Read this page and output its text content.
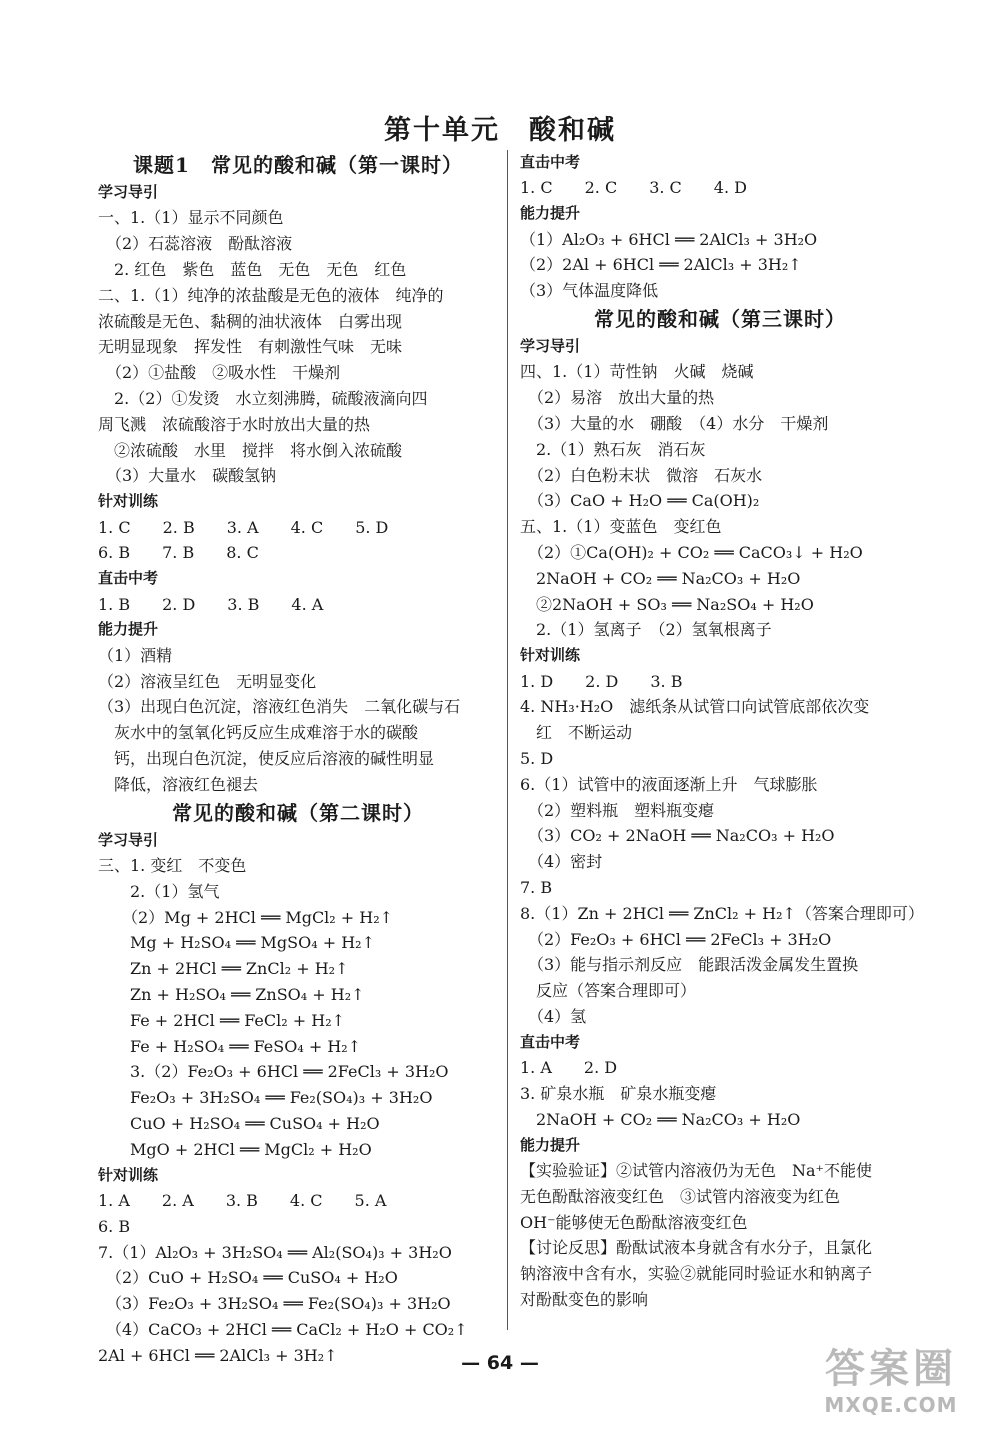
第十单元　酸和碱
课题1　常见的酸和碱（第一课时）
学习导引
一、1.（1）显示不同颜色
　（2）石蕊溶液　酚酞溶液
　2. 红色　紫色　蓝色　无色　无色　红色
二、1.（1）纯净的浓盐酸是无色的液体　纯净的
浓硫酸是无色、黏稠的油状液体　白雾出现
无明显现象　挥发性　有刺激性气味　无味
　（2）①盐酸　②吸水性　干燥剂
　2.（2）①发烫　水立刻沸腾，硫酸液滴向四
周飞溅　浓硫酸溶于水时放出大量的热
　②浓硫酸　水里　搅拌　将水倒入浓硫酸
　（3）大量水　碳酸氢钠
针对训练
1. C　　2. B　　3. A　　4. C　　5. D
6. B　　7. B　　8. C
直击中考
1. B　　2. D　　3. B　　4. A
能力提升
（1）酒精
（2）溶液呈红色　无明显变化
（3）出现白色沉淀，溶液红色消失　二氧化碳与石
　灰水中的氢氧化钙反应生成难溶于水的碳酸
　钙，出现白色沉淀，使反应后溶液的碱性明显
　降低，溶液红色褪去
常见的酸和碱（第二课时）
学习导引
三、1. 变红　不变色
　　2.（1）氢气
　　（2）Mg + 2HCl ══ MgCl₂ + H₂↑
　　Mg + H₂SO₄ ══ MgSO₄ + H₂↑
　　Zn + 2HCl ══ ZnCl₂ + H₂↑
　　Zn + H₂SO₄ ══ ZnSO₄ + H₂↑
　　Fe + 2HCl ══ FeCl₂ + H₂↑
　　Fe + H₂SO₄ ══ FeSO₄ + H₂↑
　　3.（2）Fe₂O₃ + 6HCl ══ 2FeCl₃ + 3H₂O
　　Fe₂O₃ + 3H₂SO₄ ══ Fe₂(SO₄)₃ + 3H₂O
　　CuO + H₂SO₄ ══ CuSO₄ + H₂O
　　MgO + 2HCl ══ MgCl₂ + H₂O
针对训练
1. A　　2. A　　3. B　　4. C　　5. A
6. B
7.（1）Al₂O₃ + 3H₂SO₄ ══ Al₂(SO₄)₃ + 3H₂O
　（2）CuO + H₂SO₄ ══ CuSO₄ + H₂O
　（3）Fe₂O₃ + 3H₂SO₄ ══ Fe₂(SO₄)₃ + 3H₂O
　（4）CaCO₃ + 2HCl ══ CaCl₂ + H₂O + CO₂↑
2Al + 6HCl ══ 2AlCl₃ + 3H₂↑
直击中考
1. C　　2. C　　3. C　　4. D
能力提升
（1）Al₂O₃ + 6HCl ══ 2AlCl₃ + 3H₂O
（2）2Al + 6HCl ══ 2AlCl₃ + 3H₂↑
（3）气体温度降低
常见的酸和碱（第三课时）
学习导引
四、1.（1）苛性钠　火碱　烧碱
　（2）易溶　放出大量的热
　（3）大量的水　硼酸　（4）水分　干燥剂
　2.（1）熟石灰　消石灰
　（2）白色粉末状　微溶　石灰水
　（3）CaO + H₂O ══ Ca(OH)₂
五、1.（1）变蓝色　变红色
　（2）①Ca(OH)₂ + CO₂ ══ CaCO₃↓ + H₂O
　2NaOH + CO₂ ══ Na₂CO₃ + H₂O
　②2NaOH + SO₃ ══ Na₂SO₄ + H₂O
　2.（1）氢离子　（2）氢氧根离子
针对训练
1. D　　2. D　　3. B
4. NH₃·H₂O　滤纸条从试管口向试管底部依次变
　红　不断运动
5. D
6.（1）试管中的液面逐渐上升　气球膨胀
　（2）塑料瓶　塑料瓶变瘪
　（3）CO₂ + 2NaOH ══ Na₂CO₃ + H₂O
　（4）密封
7. B
8.（1）Zn + 2HCl ══ ZnCl₂ + H₂↑（答案合理即可）
　（2）Fe₂O₃ + 6HCl ══ 2FeCl₃ + 3H₂O
　（3）能与指示剂反应　能跟活泼金属发生置换
　反应（答案合理即可）
　（4）氢
直击中考
1. A　　2. D
3. 矿泉水瓶　矿泉水瓶变瘪
　2NaOH + CO₂ ══ Na₂CO₃ + H₂O
能力提升
【实验验证】②试管内溶液仍为无色　Na⁺不能使
无色酚酞溶液变红色　③试管内溶液变为红色
OH⁻能够使无色酚酞溶液变红色
【讨论反思】酚酞试液本身就含有水分子，且氯化
钠溶液中含有水，实验②就能同时验证水和钠离子
对酚酞变色的影响
— 64 —	答案圈
MXQE.COM
